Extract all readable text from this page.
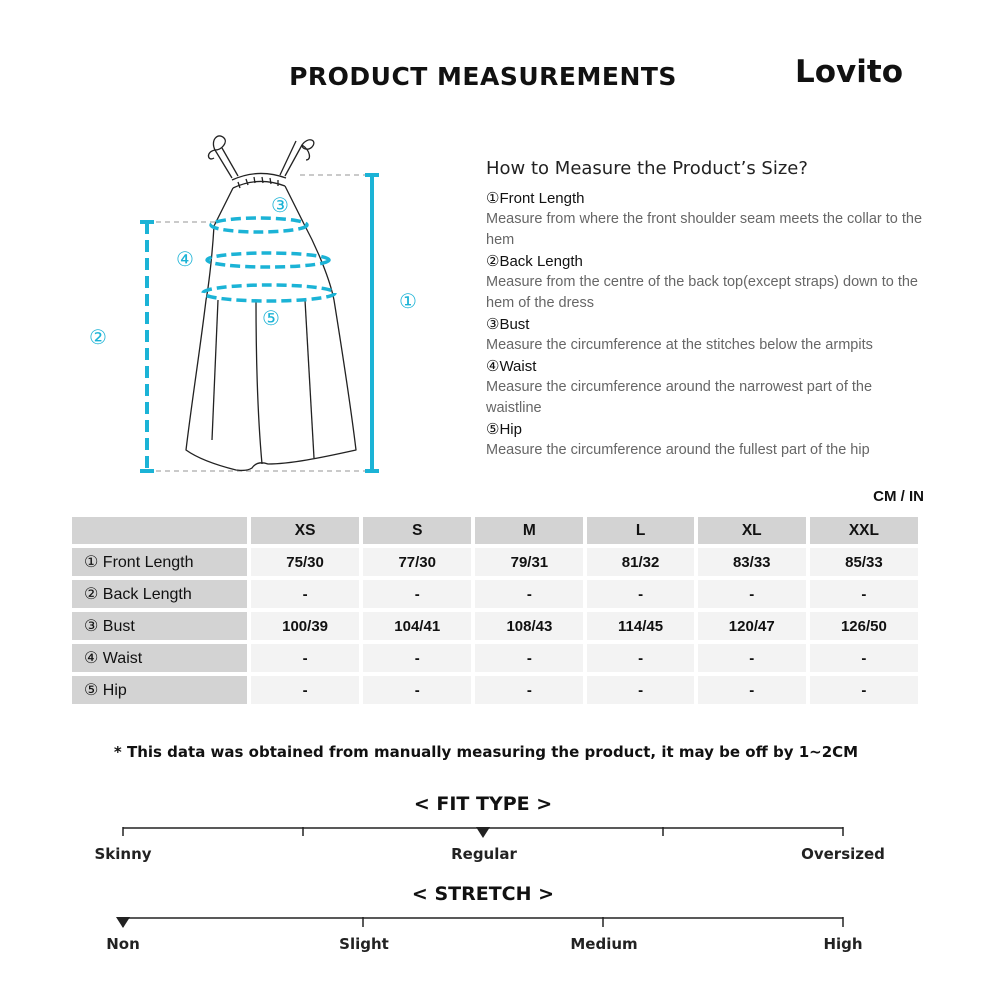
PRODUCT MEASUREMENTS	Lovito
①
②
③
④
⑤
How to Measure the Product’s Size?
①Front Length
Measure from where the front shoulder seam meets the collar to the hem
②Back Length
Measure from the centre of the back top(except straps) down to the hem of the dress
③Bust
Measure the circumference at the stitches below the armpits
④Waist
Measure the circumference around the narrowest part of the waistline
⑤Hip
Measure the circumference around the fullest part of the hip
CM / IN
	XS	S	M	L	XL	XXL
① Front Length	75/30	77/30	79/31	81/32	83/33	85/33
② Back Length	-	-	-	-	-	-
③ Bust	100/39	104/41	108/43	114/45	120/47	126/50
④ Waist	-	-	-	-	-	-
⑤ Hip	-	-	-	-	-	-
* This data was obtained from manually measuring the product, it may be off by 1~2CM
< FIT TYPE >
Skinny	Regular	Oversized
< STRETCH >
Non	Slight	Medium	High
